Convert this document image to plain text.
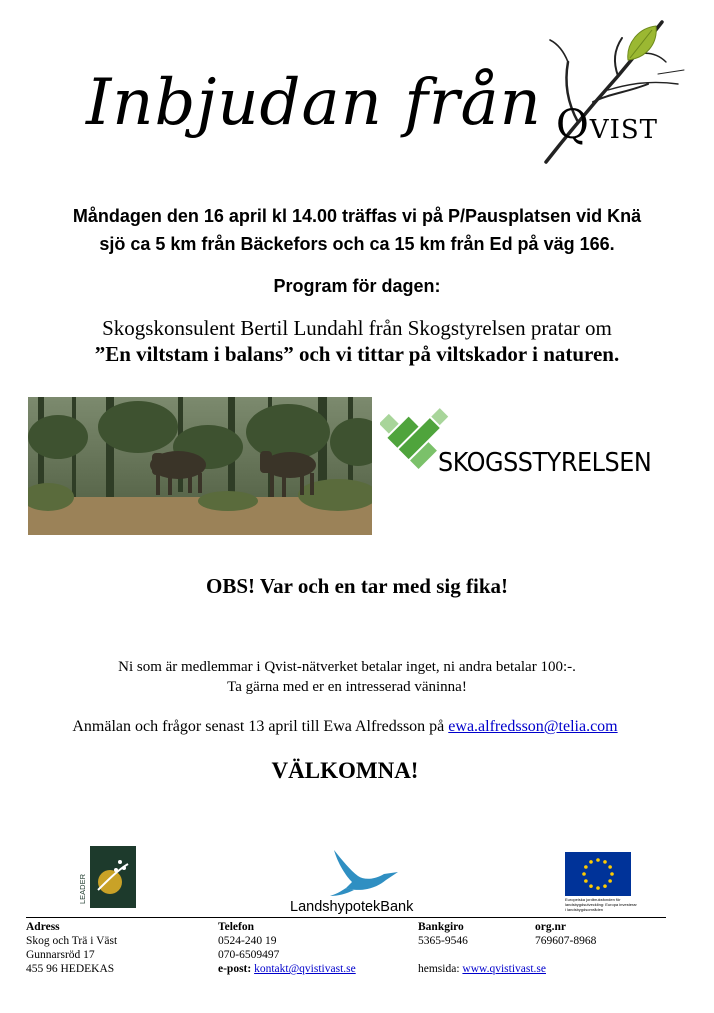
Inbjudan från QVIST
Måndagen den 16 april kl 14.00 träffas vi på P/Pausplatsen vid Knä
sjö ca 5 km från Bäckefors och ca 15 km från Ed på väg 166.
Program för dagen:
Skogskonsulent Bertil Lundahl från Skogstyrelsen pratar om
”En viltstam i balans” och vi tittar på viltskador i naturen.
SKOGSSTYRELSEN
OBS! Var och en tar med sig fika!
Ni som är medlemmar i Qvist-nätverket betalar inget, ni andra betalar 100:-.
Ta gärna med er en intresserad väninna!
Anmälan och frågor senast 13 april till Ewa Alfredsson på ewa.alfredsson@telia.com
VÄLKOMNA!
LEADER
LandshypotekBank	Europeiska jordbruksfonden för landsbygdsutveckling: Europa investerar i landsbygdsområden
Adress
Skog och Trä i Väst
Gunnarsröd 17
455 96 HEDEKAS
Telefon
0524-240 19
070-6509497
e-post: kontakt@qvistivast.se
Bankgiro
5365-9546

hemsida: www.qvistivast.se
org.nr
769607-8968
